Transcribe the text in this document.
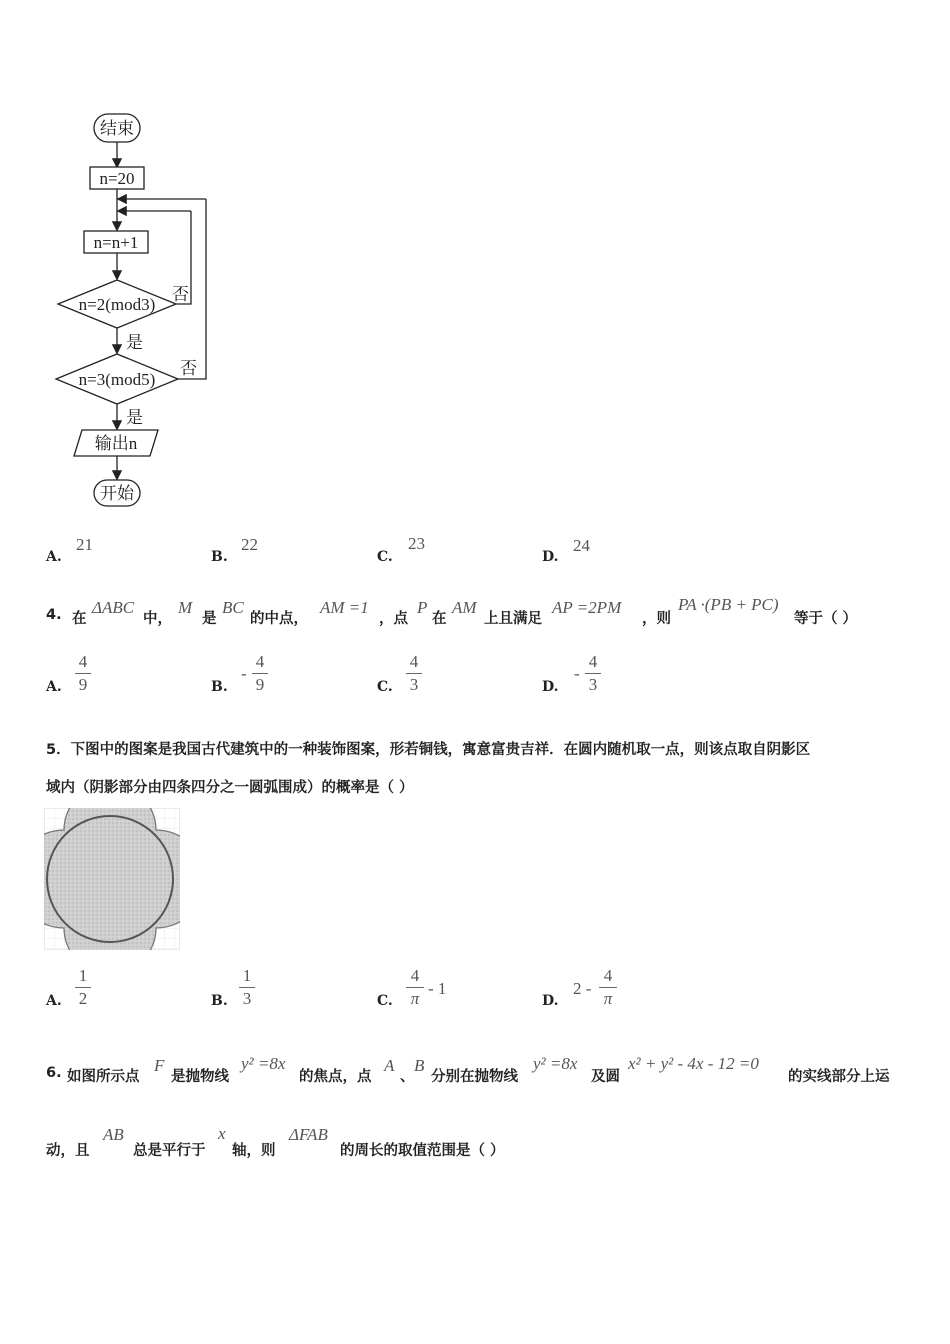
结束
n=20
n=n+1
n=2(mod3)
否
是
n=3(mod5)
否
是
输出n
开始
A.
21
B.
22
C.
23
D.
24
4. 在
ΔABC
中，
M
是
BC
的中点，
AM =1
，点
P
在
AM
上且满足
AP =2PM
，则
PA ·(PB + PC)
等于（ ）
A.
4
9	B.
-
4
9	C.
4
3	D.
-
4
3
5．下图中的图案是我国古代建筑中的一种装饰图案，形若铜钱，寓意富贵吉祥．在圆内随机取一点，则该点取自阴影区
域内（阴影部分由四条四分之一圆弧围成）的概率是（ ）
A.
1
2	B.
1
3	C.
4
π
- 1
D.
2 -
4
π
6. 如图所示点
F
是抛物线
y² =8x
的焦点，点
A
、
B
分别在抛物线
y² =8x
及圆
x² + y² - 4x - 12 =0
的实线部分上运
动，且
AB
总是平行于
x
轴，则
ΔFAB
的周长的取值范围是（ ）
